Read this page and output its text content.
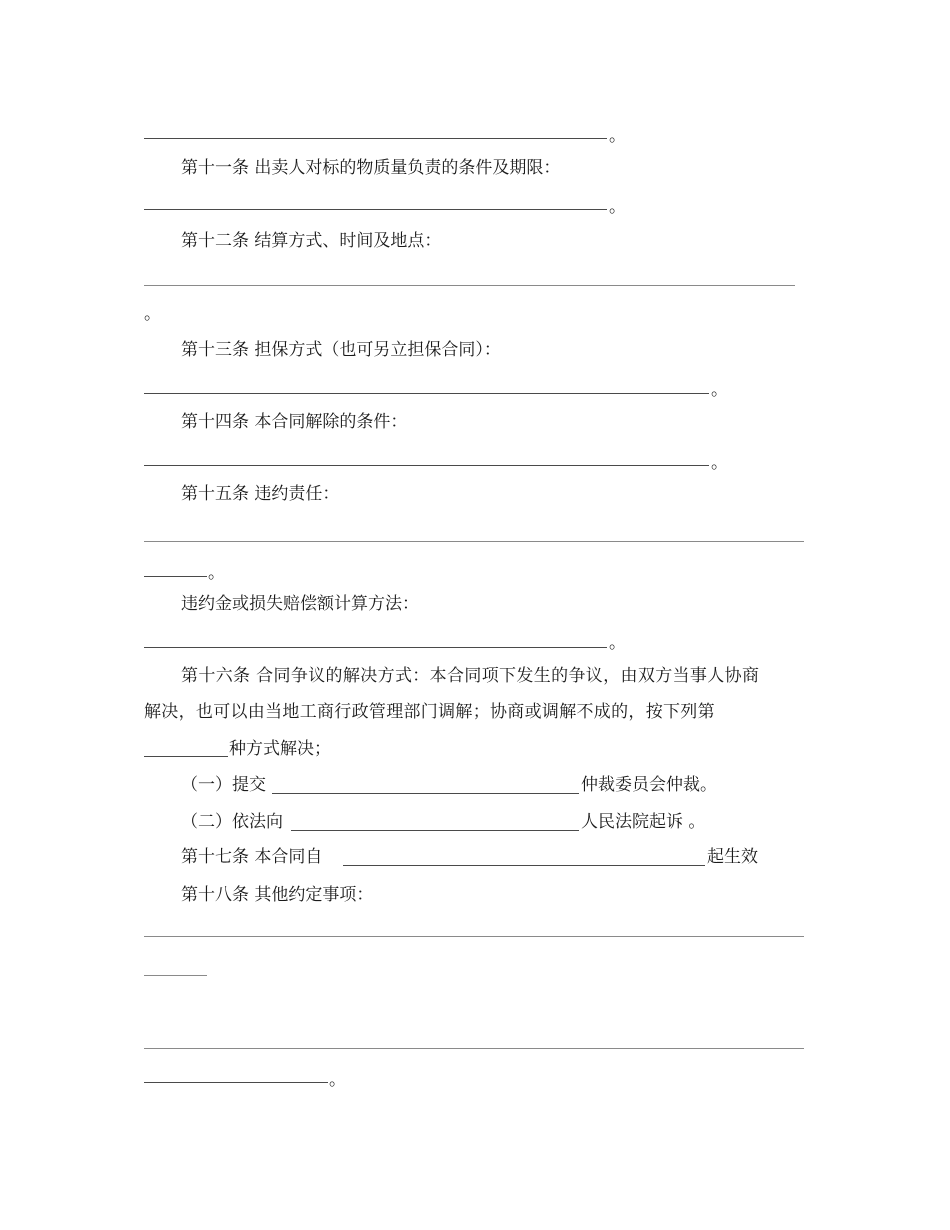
。
第十一条 出卖人对标的物质量负责的条件及期限：
。
第十二条 结算方式、时间及地点：
。
第十三条 担保方式（也可另立担保合同）：
。
第十四条 本合同解除的条件：
。
第十五条 违约责任：
。
违约金或损失赔偿额计算方法：
。
第十六条 合同争议的解决方式：本合同项下发生的争议，由双方当事人协商
解决，也可以由当地工商行政管理部门调解；协商或调解不成的，按下列第
种方式解决；
（一）提交	仲裁委员会仲裁。
（二）依法向	人民法院起诉 。
第十七条 本合同自	起生效
第十八条 其他约定事项：
。
